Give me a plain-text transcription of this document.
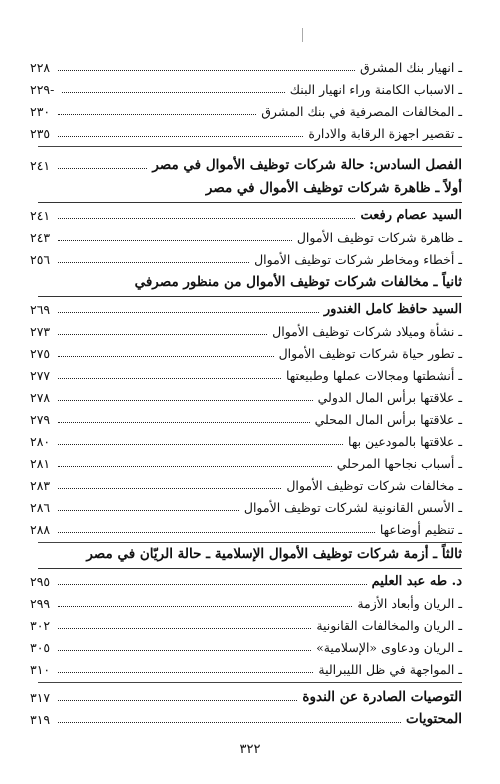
٢٢٨	ـ انهيار بنك المشرق
-٢٢٩	ـ الاسباب الكامنة وراء انهيار البنك
٢٣٠	ـ المخالفات المصرفية في بنك المشرق
٢٣٥	ـ تقصير اجهزة الرقابة والادارة
٢٤١	الفصل السادس: حالة شركات توظيف الأموال في مصر
أولاً ـ ظاهرة شركات توظيف الأموال في مصر
٢٤١	السيد عصام رفعت
٢٤٣	ـ ظاهرة شركات توظيف الأموال
٢٥٦	ـ أخطاء ومخاطر شركات توظيف الأموال
ثانياً ـ مخالفات شركات توظيف الأموال من منظور مصرفي
٢٦٩	السيد حافظ كامل الغندور
٢٧٣	ـ نشأة وميلاد شركات توظيف الأموال
٢٧٥	ـ تطور حياة شركات توظيف الأموال
٢٧٧	ـ أنشطتها ومجالات عملها وطبيعتها
٢٧٨	ـ علاقتها برأس المال الدولي
٢٧٩	ـ علاقتها برأس المال المحلي
٢٨٠	ـ علاقتها بالمودعين بها
٢٨١	ـ أسباب نجاحها المرحلي
٢٨٣	ـ مخالفات شركات توظيف الأموال
٢٨٦	ـ الأسس القانونية لشركات توظيف الأموال
٢٨٨	ـ تنظيم أوضاعها
ثالثاً ـ أزمة شركات توظيف الأموال الإسلامية ـ حالة الريّان في مصر
٢٩٥	د. طه عبد العليم
٢٩٩	ـ الريان وأبعاد الأزمة
٣٠٢	ـ الريان والمخالفات القانونية
٣٠٥	ـ الريان ودعاوى «الإسلامية»
٣١٠	ـ المواجهة في ظل الليبرالية
٣١٧	التوصيات الصادرة عن الندوة
٣١٩	المحتويات
٣٢٢
